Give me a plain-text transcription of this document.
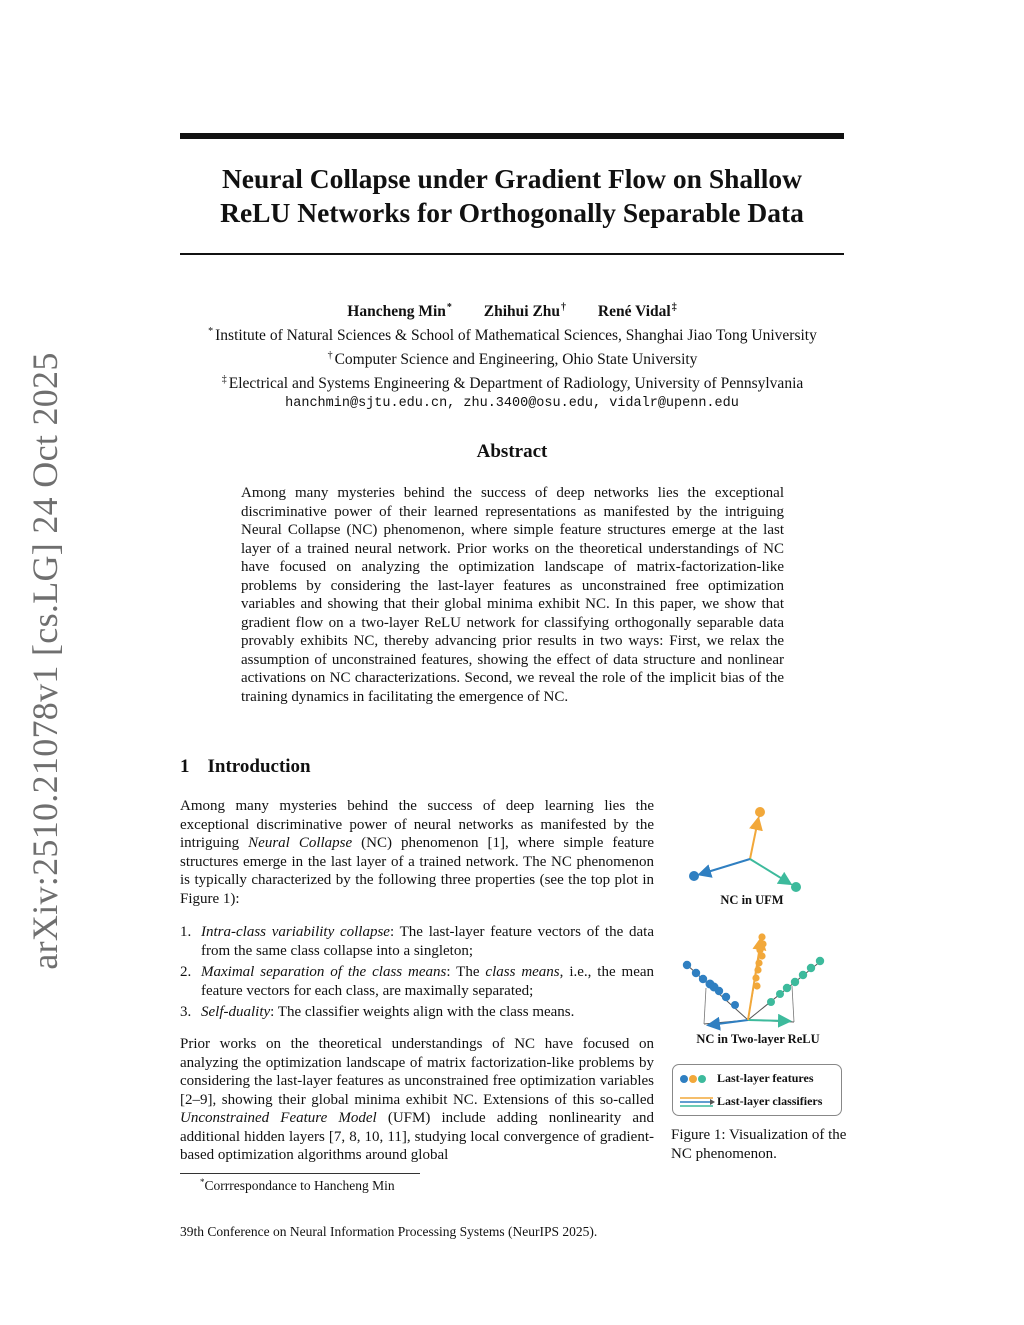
arXiv:2510.21078v1 [cs.LG] 24 Oct 2025
Neural Collapse under Gradient Flow on Shallow
ReLU Networks for Orthogonally Separable Data
Hancheng Min* Zhihui Zhu† René Vidal‡
* Institute of Natural Sciences & School of Mathematical Sciences, Shanghai Jiao Tong University
† Computer Science and Engineering, Ohio State University
‡ Electrical and Systems Engineering & Department of Radiology, University of Pennsylvania
hanchmin@sjtu.edu.cn, zhu.3400@osu.edu, vidalr@upenn.edu
Abstract

Among many mysteries behind the success of deep networks lies the exceptional discriminative power of their learned representations as manifested by the intriguing Neural Collapse (NC) phenomenon, where simple feature structures emerge at the last layer of a trained neural network. Prior works on the theoretical understandings of NC have focused on analyzing the optimization landscape of matrix-factorization-like problems by considering the last-layer features as unconstrained free optimization variables and showing that their global minima exhibit NC. In this paper, we show that gradient flow on a two-layer ReLU network for classifying orthogonally separable data provably exhibits NC, thereby advancing prior results in two ways: First, we relax the assumption of unconstrained features, showing the effect of data structure and nonlinear activations on NC characterizations. Second, we reveal the role of the implicit bias of the training dynamics in facilitating the emergence of NC.

1 Introduction

Among many mysteries behind the success of deep learning lies the exceptional discriminative power of neural networks as manifested by the intriguing Neural Collapse (NC) phenomenon [1], where simple feature structures emerge in the last layer of a trained network. The NC phenomenon is typically characterized by the following three properties (see the top plot in Figure 1):

1. Intra-class variability collapse: The last-layer feature vectors of the data from the same class collapse into a singleton;
2. Maximal separation of the class means: The class means, i.e., the mean feature vectors for each class, are maximally separated;
3. Self-duality: The classifier weights align with the class means.

Prior works on the theoretical understandings of NC have focused on analyzing the optimization landscape of matrix factorization-like problems by considering the last-layer features as unconstrained free optimization variables [2–9], showing their global minima exhibit NC. Extensions of this so-called Unconstrained Feature Model (UFM) include adding nonlinearity and additional hidden layers [7, 8, 10, 11], studying local convergence of gradient-based optimization algorithms around global

*Corrrespondance to Hancheng Min

39th Conference on Neural Information Processing Systems (NeurIPS 2025).

NC in UFM
NC in Two-layer ReLU
Last-layer features
Last-layer classifiers

Figure 1: Visualization of the NC phenomenon.
